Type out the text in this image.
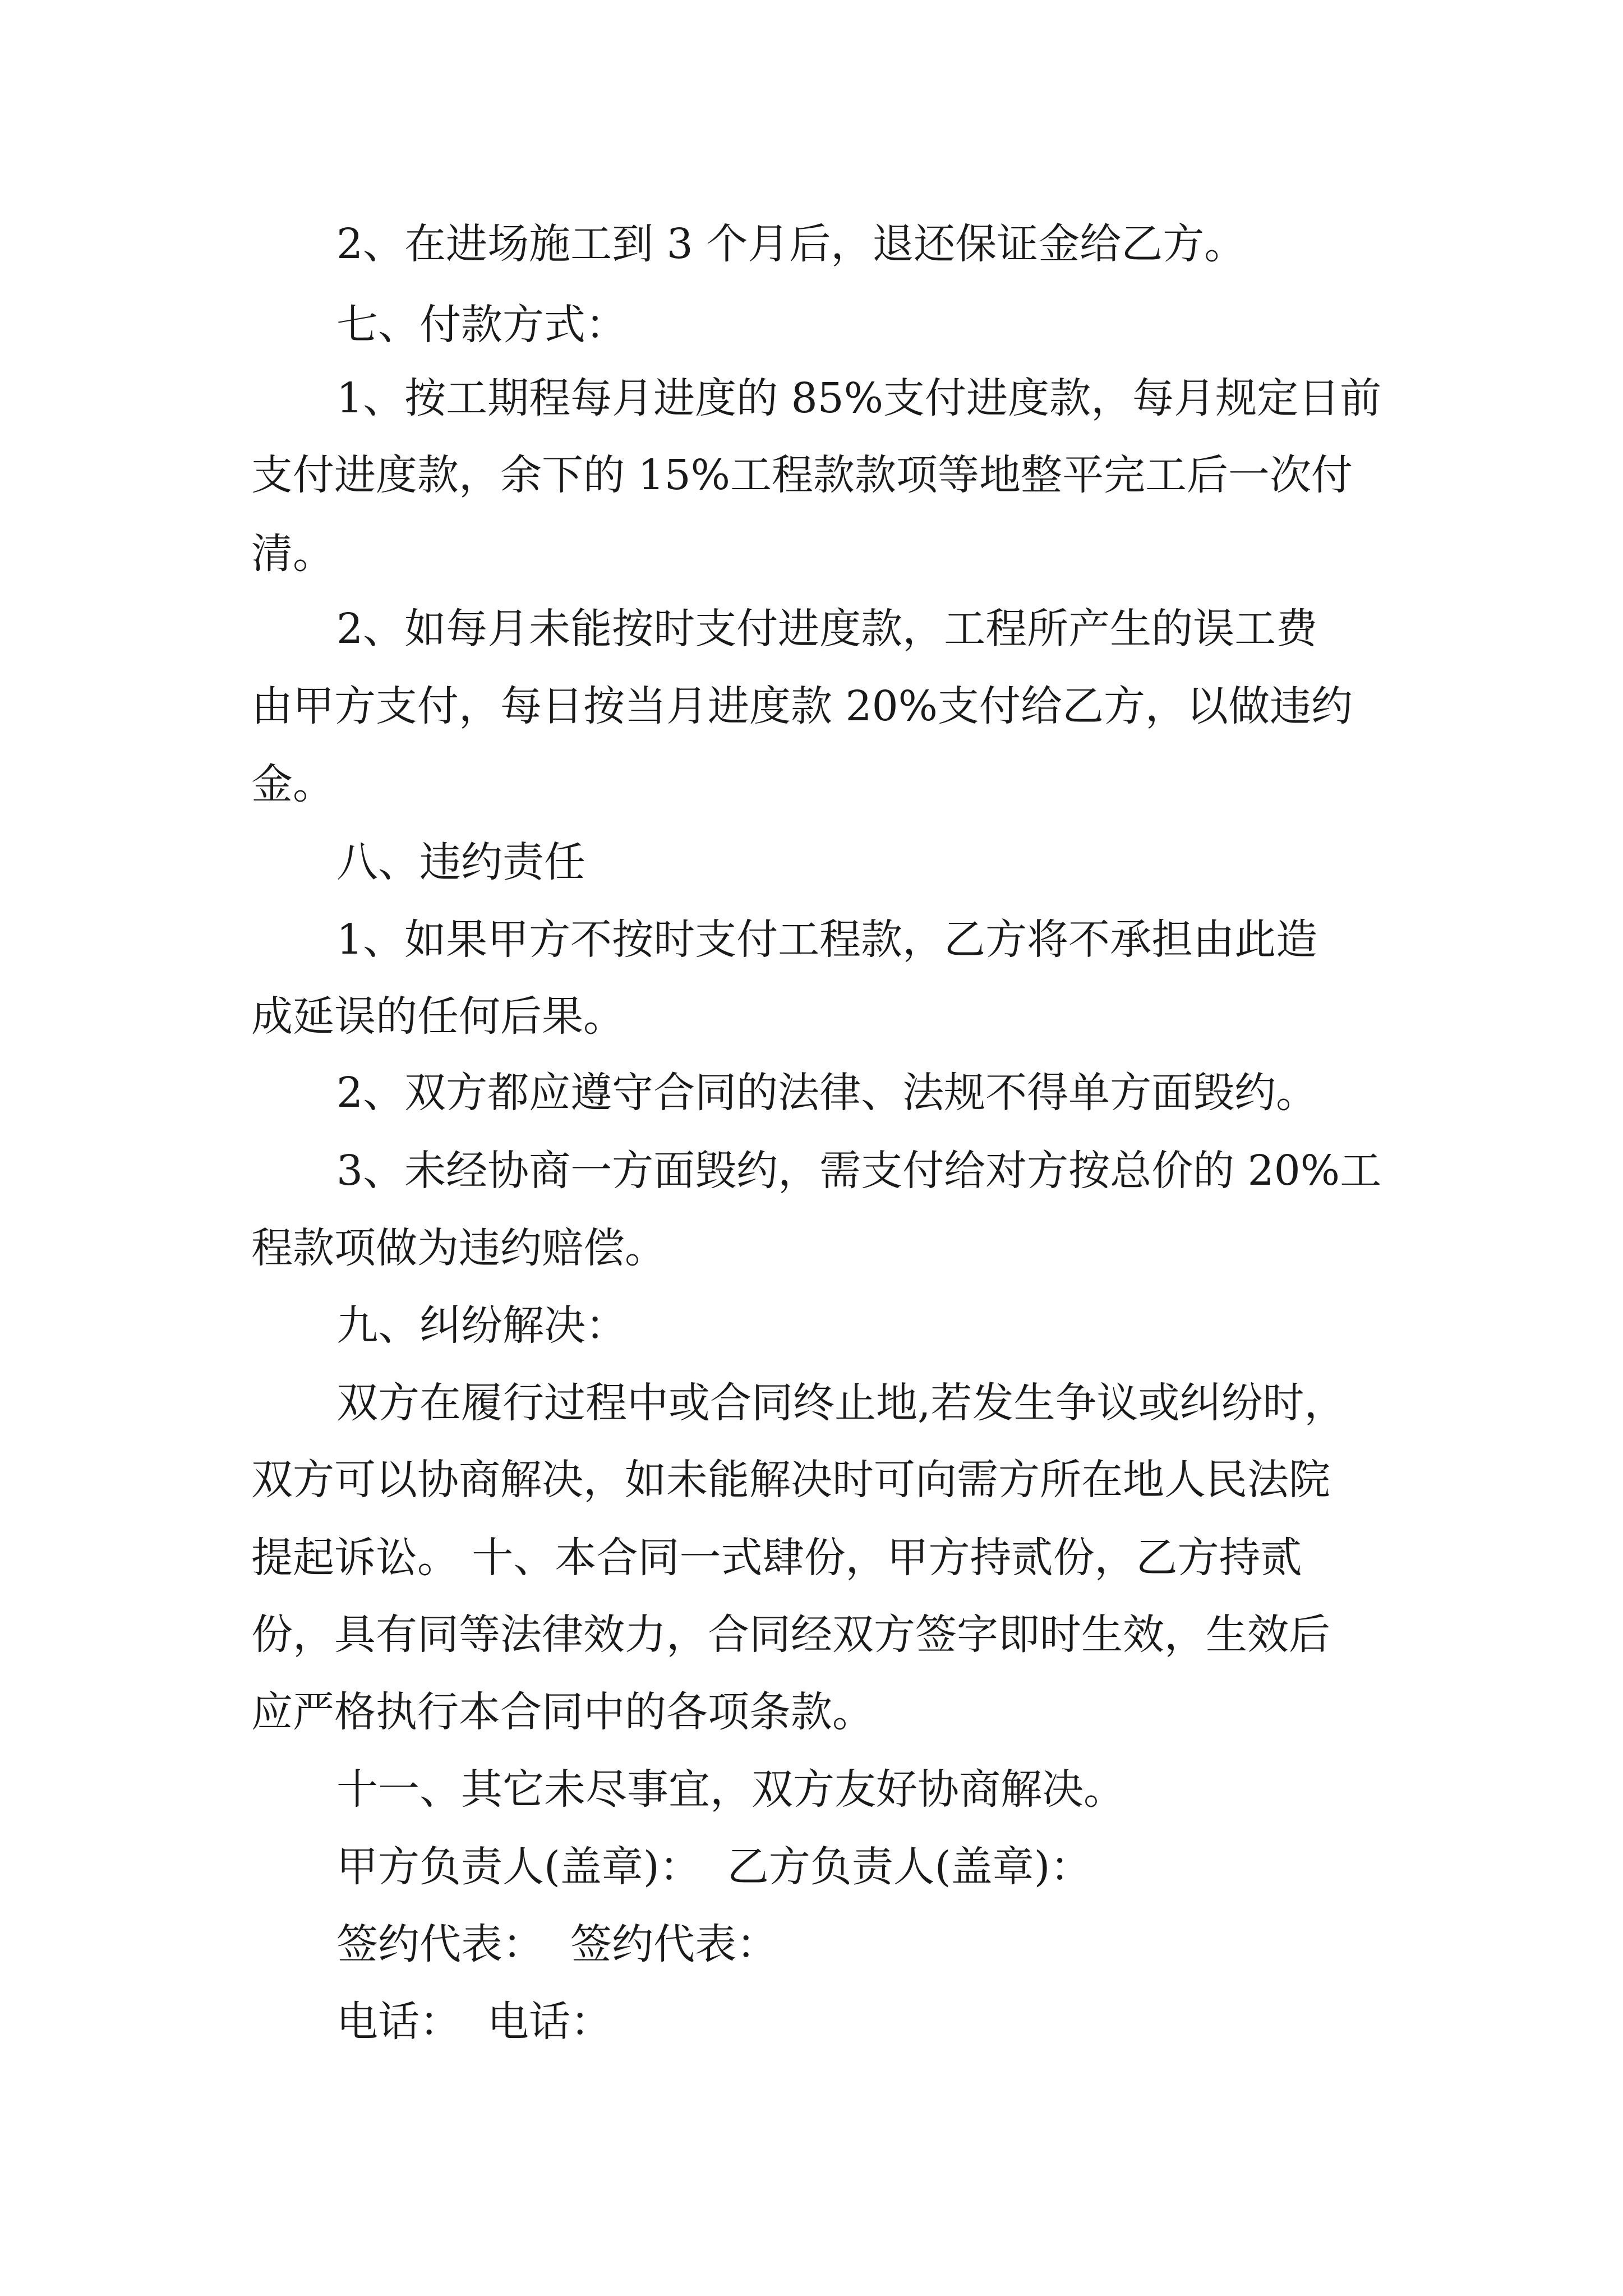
2、在进场施工到 3 个月后，退还保证金给乙方。
七、付款方式：
1、按工期程每月进度的 85%支付进度款，每月规定日前
支付进度款，余下的 15%工程款款项等地整平完工后一次付
清。
2、如每月未能按时支付进度款，工程所产生的误工费
由甲方支付，每日按当月进度款 20%支付给乙方，以做违约
金。
八、违约责任
1、如果甲方不按时支付工程款，乙方将不承担由此造
成延误的任何后果。
2、双方都应遵守合同的法律、法规不得单方面毁约。
3、未经协商一方面毁约，需支付给对方按总价的 20%工
程款项做为违约赔偿。
九、纠纷解决：
双方在履行过程中或合同终止地,若发生争议或纠纷时，
双方可以协商解决，如未能解决时可向需方所在地人民法院
提起诉讼。 十、本合同一式肆份，甲方持贰份，乙方持贰
份，具有同等法律效力，合同经双方签字即时生效，生效后
应严格执行本合同中的各项条款。
十一、其它未尽事宜，双方友好协商解决。
甲方负责人(盖章)：  乙方负责人(盖章)：
签约代表：  签约代表：
电话：  电话：
